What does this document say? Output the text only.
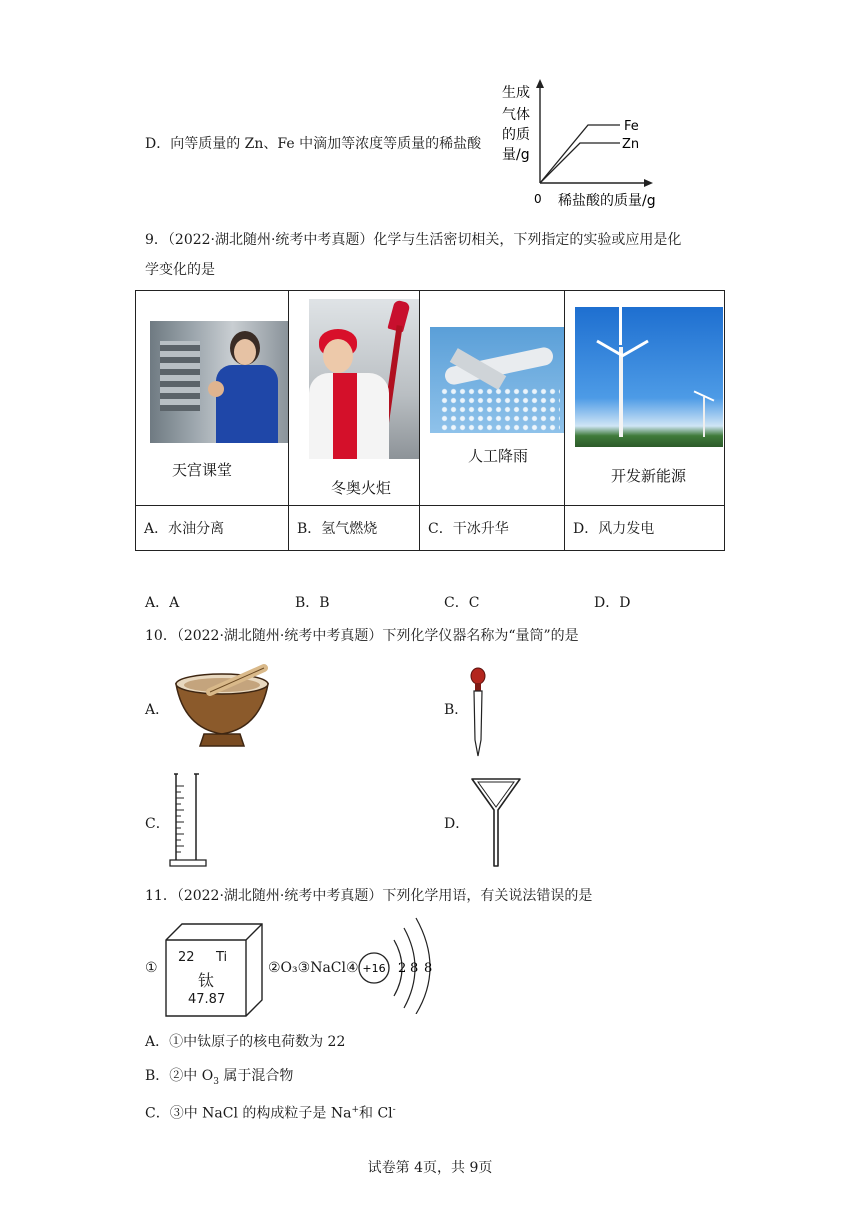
D．向等质量的 Zn、Fe 中滴加等浓度等质量的稀盐酸
生成
气体
的质
量/g
Fe
Zn
0 稀盐酸的质量/g
9．（2022·湖北随州·统考中考真题）化学与生活密切相关，下列指定的实验或应用是化
学变化的是
天宫课堂	冬奥火炬	人工降雨	开发新能源

A．水油分离	B．氢气燃烧	C．干冰升华	D．风力发电
A．A	B．B	C．C	D．D
10．（2022·湖北随州·统考中考真题）下列化学仪器名称为“量筒”的是
A．	B．
C．	D．
11．（2022·湖北随州·统考中考真题）下列化学用语，有关说法错误的是
①
22 Ti
钛
47.87
②O₃③NaCl④ +16 2 8 8
A．①中钛原子的核电荷数为 22
B．②中 $O_3$ 属于混合物
C．③中 NaCl 的构成粒子是 Na+和 Cl-
试卷第 4页，共 9页
